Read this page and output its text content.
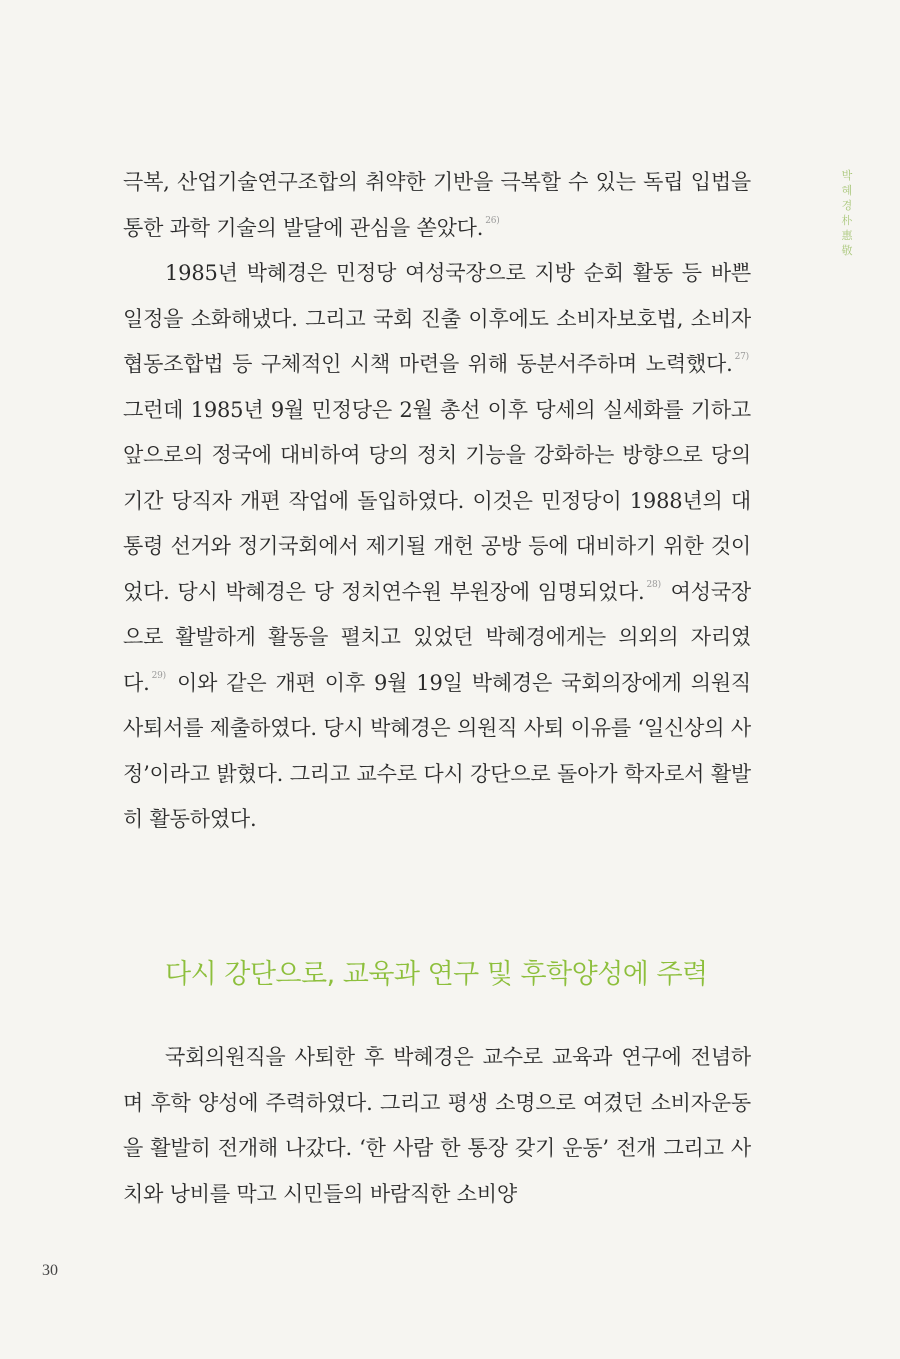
박
혜
경
朴
惠
敬

극복, 산업기술연구조합의 취약한 기반을 극복할 수 있는 독립 입법을 통한 과학 기술의 발달에 관심을 쏟았다. $^{26)}$

1985년 박혜경은 민정당 여성국장으로 지방 순회 활동 등 바쁜 일정을 소화해냈다. 그리고 국회 진출 이후에도 소비자보호법, 소비자협동조합법 등 구체적인 시책 마련을 위해 동분서주하며 노력했다. $^{27)}$ 그런데 1985년 9월 민정당은 2월 총선 이후 당세의 실세화를 기하고 앞으로의 정국에 대비하여 당의 정치 기능을 강화하는 방향으로 당의 기간 당직자 개편 작업에 돌입하였다. 이것은 민정당이 1988년의 대통령 선거와 정기국회에서 제기될 개헌 공방 등에 대비하기 위한 것이었다. 당시 박혜경은 당 정치연수원 부원장에 임명되었다. $^{28)}$ 여성국장으로 활발하게 활동을 펼치고 있었던 박혜경에게는 의외의 자리였다. $^{29)}$ 이와 같은 개편 이후 9월 19일 박혜경은 국회의장에게 의원직 사퇴서를 제출하였다. 당시 박혜경은 의원직 사퇴 이유를 ‘일신상의 사정’이라고 밝혔다. 그리고 교수로 다시 강단으로 돌아가 학자로서 활발히 활동하였다.

다시 강단으로, 교육과 연구 및 후학양성에 주력

국회의원직을 사퇴한 후 박혜경은 교수로 교육과 연구에 전념하며 후학 양성에 주력하였다. 그리고 평생 소명으로 여겼던 소비자운동을 활발히 전개해 나갔다. ‘한 사람 한 통장 갖기 운동’ 전개 그리고 사치와 낭비를 막고 시민들의 바람직한 소비양

30
